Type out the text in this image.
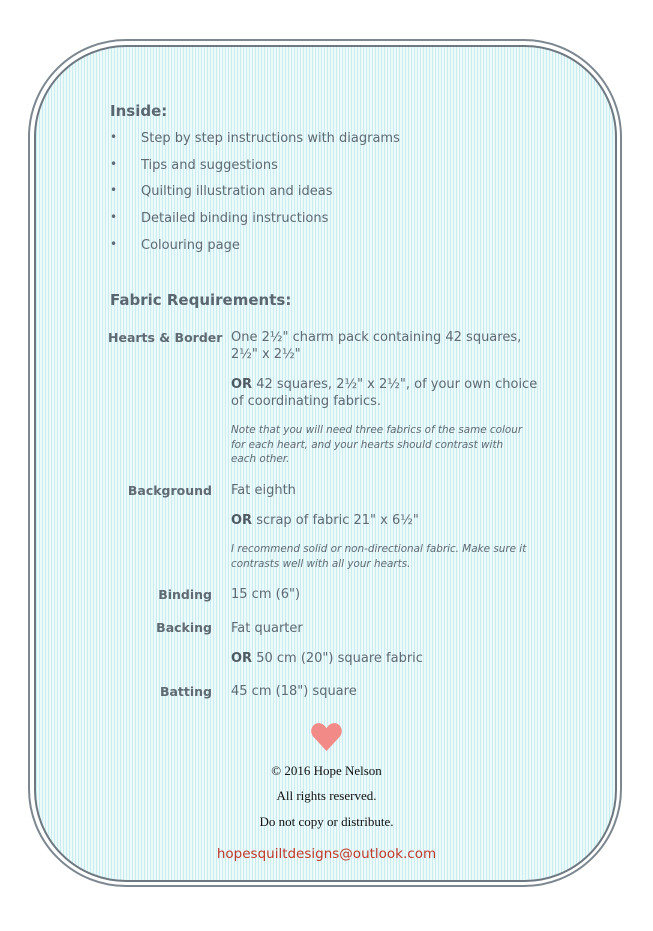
Inside:
• Step by step instructions with diagrams
• Tips and suggestions
• Quilting illustration and ideas
• Detailed binding instructions
• Colouring page
Fabric Requirements:
Hearts & Border One 2½" charm pack containing 42 squares,
2½" x 2½"
OR 42 squares, 2½" x 2½", of your own choice
of coordinating fabrics.
Note that you will need three fabrics of the same colour
for each heart, and your hearts should contrast with
each other.
Background Fat eighth
OR scrap of fabric 21" x 6½"
I recommend solid or non-directional fabric. Make sure it
contrasts well with all your hearts.
Binding 15 cm (6")
Backing Fat quarter
OR 50 cm (20") square fabric
Batting 45 cm (18") square
© 2016 Hope Nelson
All rights reserved.
Do not copy or distribute.
hopesquiltdesigns@outlook.com
